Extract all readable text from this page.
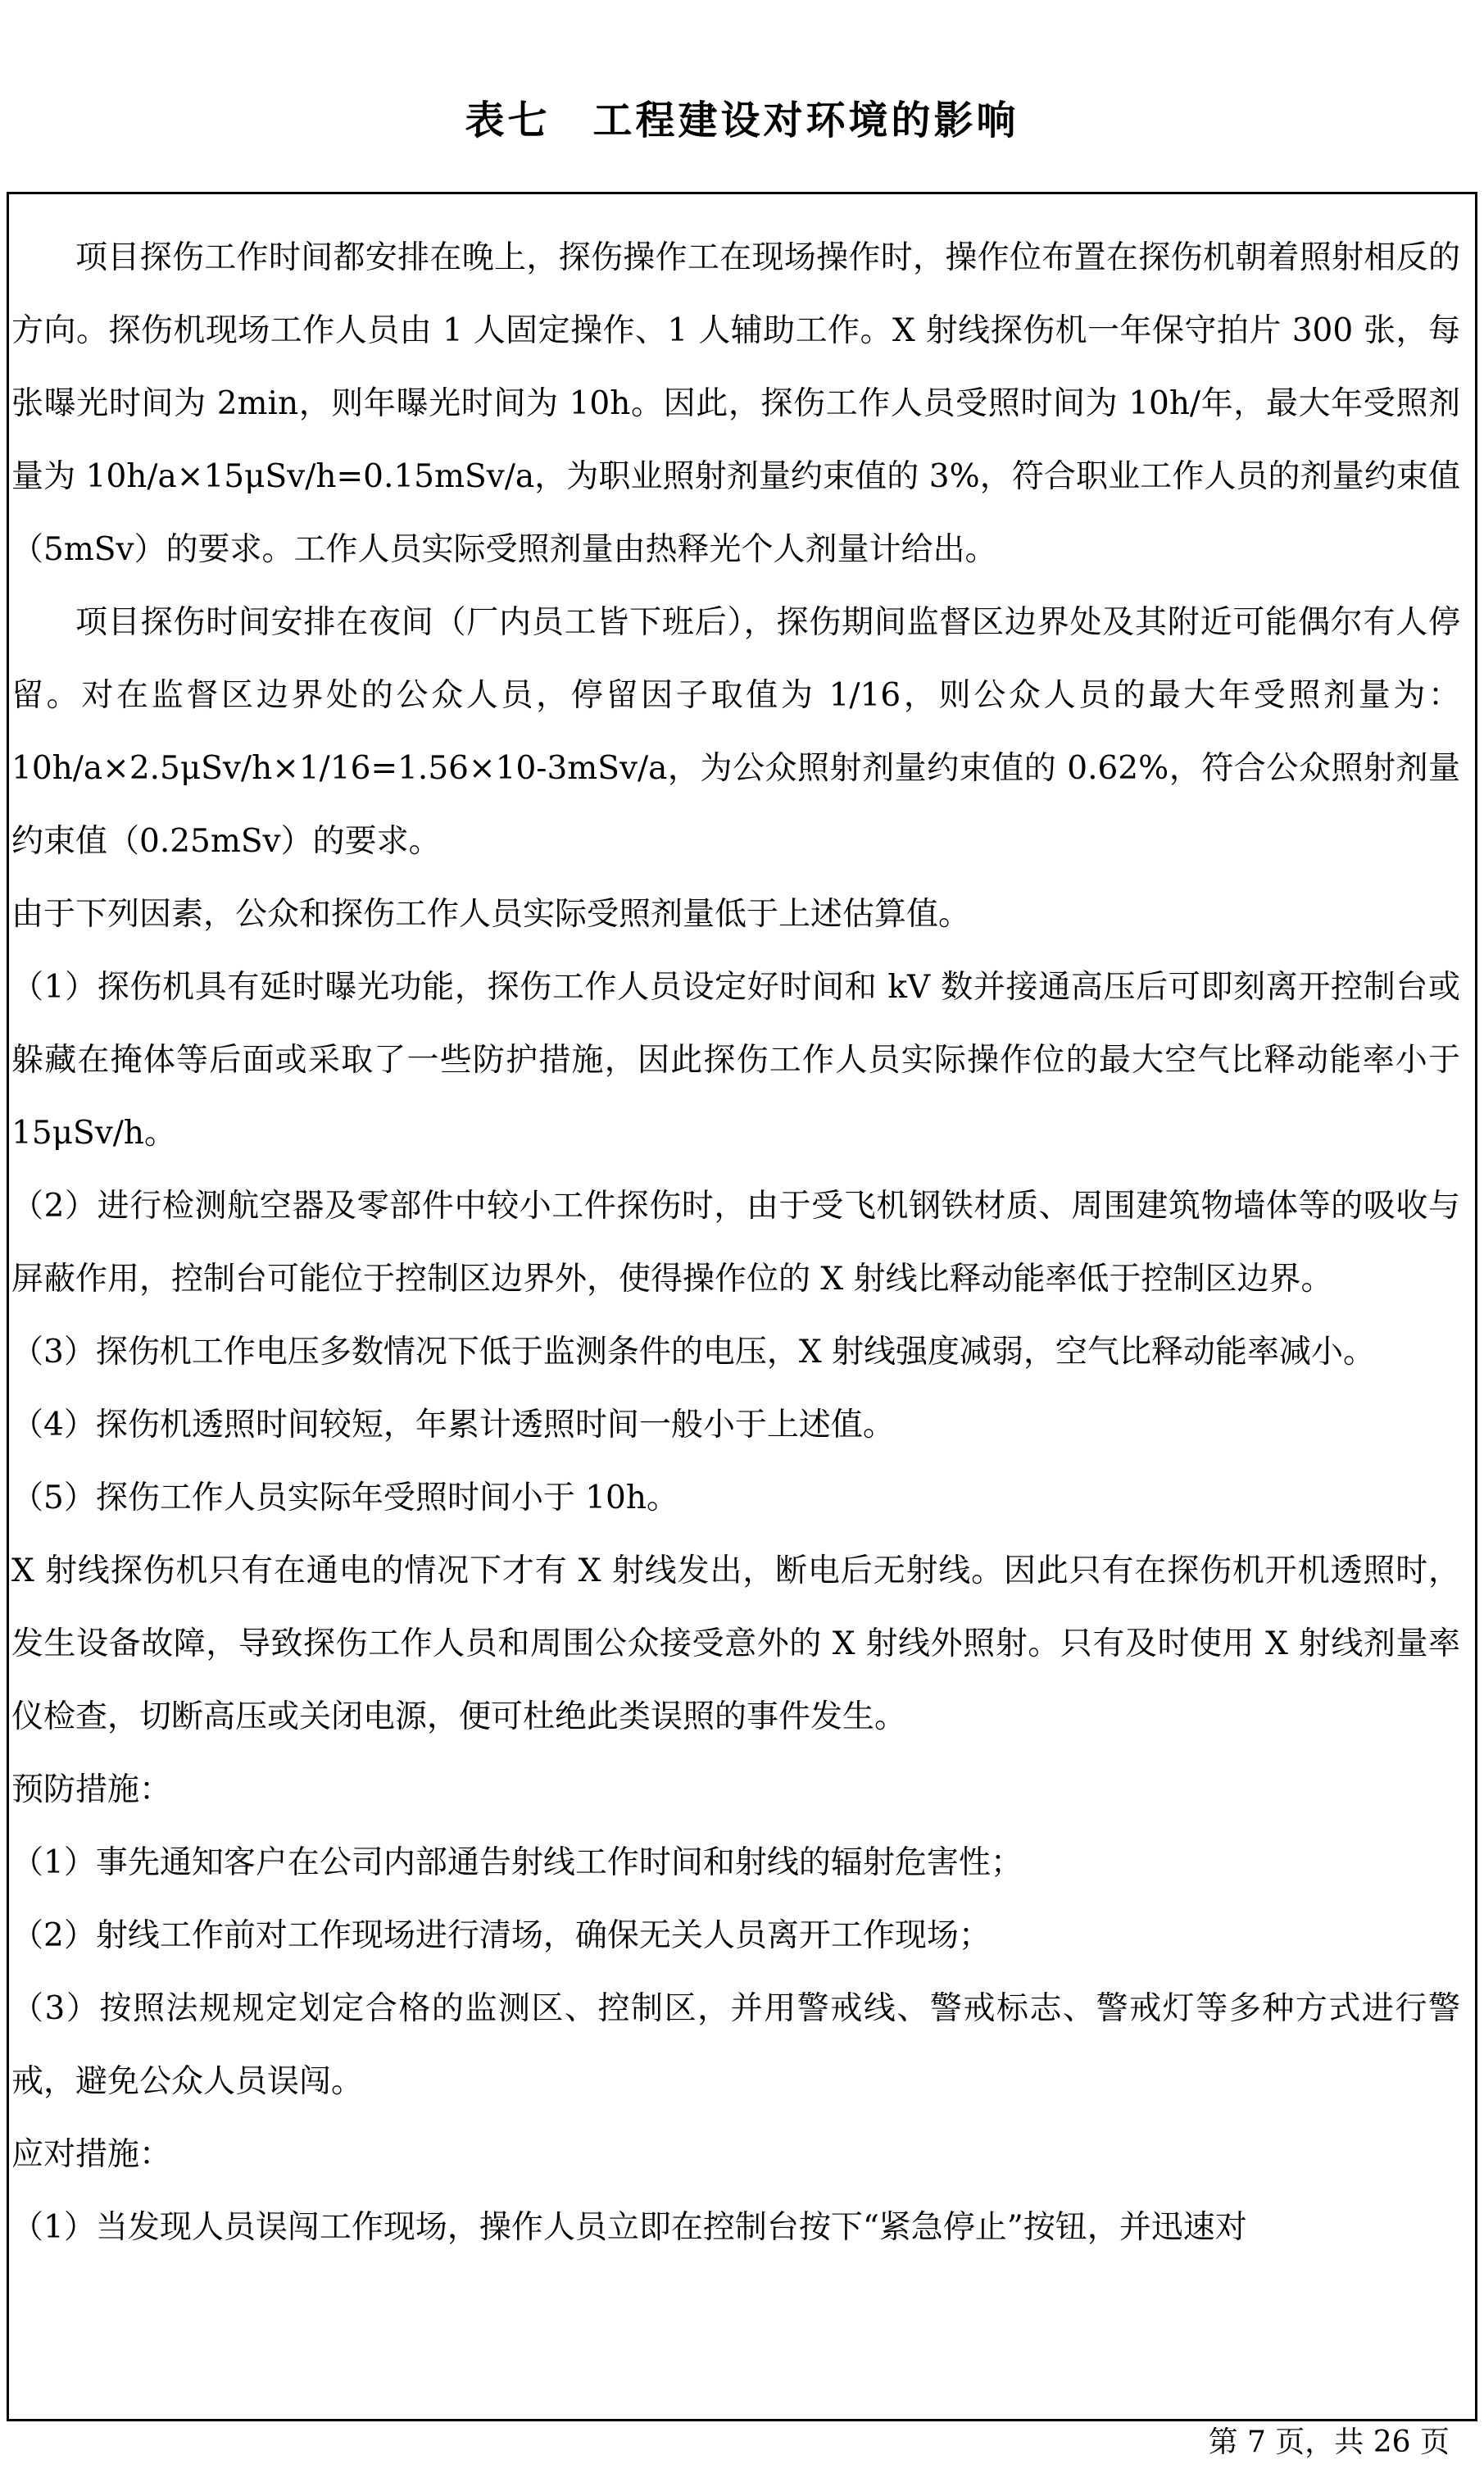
表七　工程建设对环境的影响

项目探伤工作时间都安排在晚上，探伤操作工在现场操作时，操作位布置在探伤机朝着照射相反的方向。探伤机现场工作人员由 1 人固定操作、1 人辅助工作。X 射线探伤机一年保守拍片 300 张，每张曝光时间为 2min，则年曝光时间为 10h。因此，探伤工作人员受照时间为 10h/年，最大年受照剂量为 10h/a×15μSv/h=0.15mSv/a，为职业照射剂量约束值的 3%，符合职业工作人员的剂量约束值（5mSv）的要求。工作人员实际受照剂量由热释光个人剂量计给出。

项目探伤时间安排在夜间（厂内员工皆下班后），探伤期间监督区边界处及其附近可能偶尔有人停留。对在监督区边界处的公众人员，停留因子取值为 1/16，则公众人员的最大年受照剂量为：10h/a×2.5μSv/h×1/16=1.56×10-3mSv/a，为公众照射剂量约束值的 0.62%，符合公众照射剂量约束值（0.25mSv）的要求。

由于下列因素，公众和探伤工作人员实际受照剂量低于上述估算值。

（1）探伤机具有延时曝光功能，探伤工作人员设定好时间和 kV 数并接通高压后可即刻离开控制台或躲藏在掩体等后面或采取了一些防护措施，因此探伤工作人员实际操作位的最大空气比释动能率小于 15μSv/h。

（2）进行检测航空器及零部件中较小工件探伤时，由于受飞机钢铁材质、周围建筑物墙体等的吸收与屏蔽作用，控制台可能位于控制区边界外，使得操作位的 X 射线比释动能率低于控制区边界。

（3）探伤机工作电压多数情况下低于监测条件的电压，X 射线强度减弱，空气比释动能率减小。

（4）探伤机透照时间较短，年累计透照时间一般小于上述值。

（5）探伤工作人员实际年受照时间小于 10h。

X 射线探伤机只有在通电的情况下才有 X 射线发出，断电后无射线。因此只有在探伤机开机透照时，发生设备故障，导致探伤工作人员和周围公众接受意外的 X 射线外照射。只有及时使用 X 射线剂量率仪检查，切断高压或关闭电源，便可杜绝此类误照的事件发生。

预防措施：

（1）事先通知客户在公司内部通告射线工作时间和射线的辐射危害性；

（2）射线工作前对工作现场进行清场，确保无关人员离开工作现场；

（3）按照法规规定划定合格的监测区、控制区，并用警戒线、警戒标志、警戒灯等多种方式进行警戒，避免公众人员误闯。

应对措施：

（1）当发现人员误闯工作现场，操作人员立即在控制台按下“紧急停止”按钮，并迅速对

第 7 页，共 26 页
